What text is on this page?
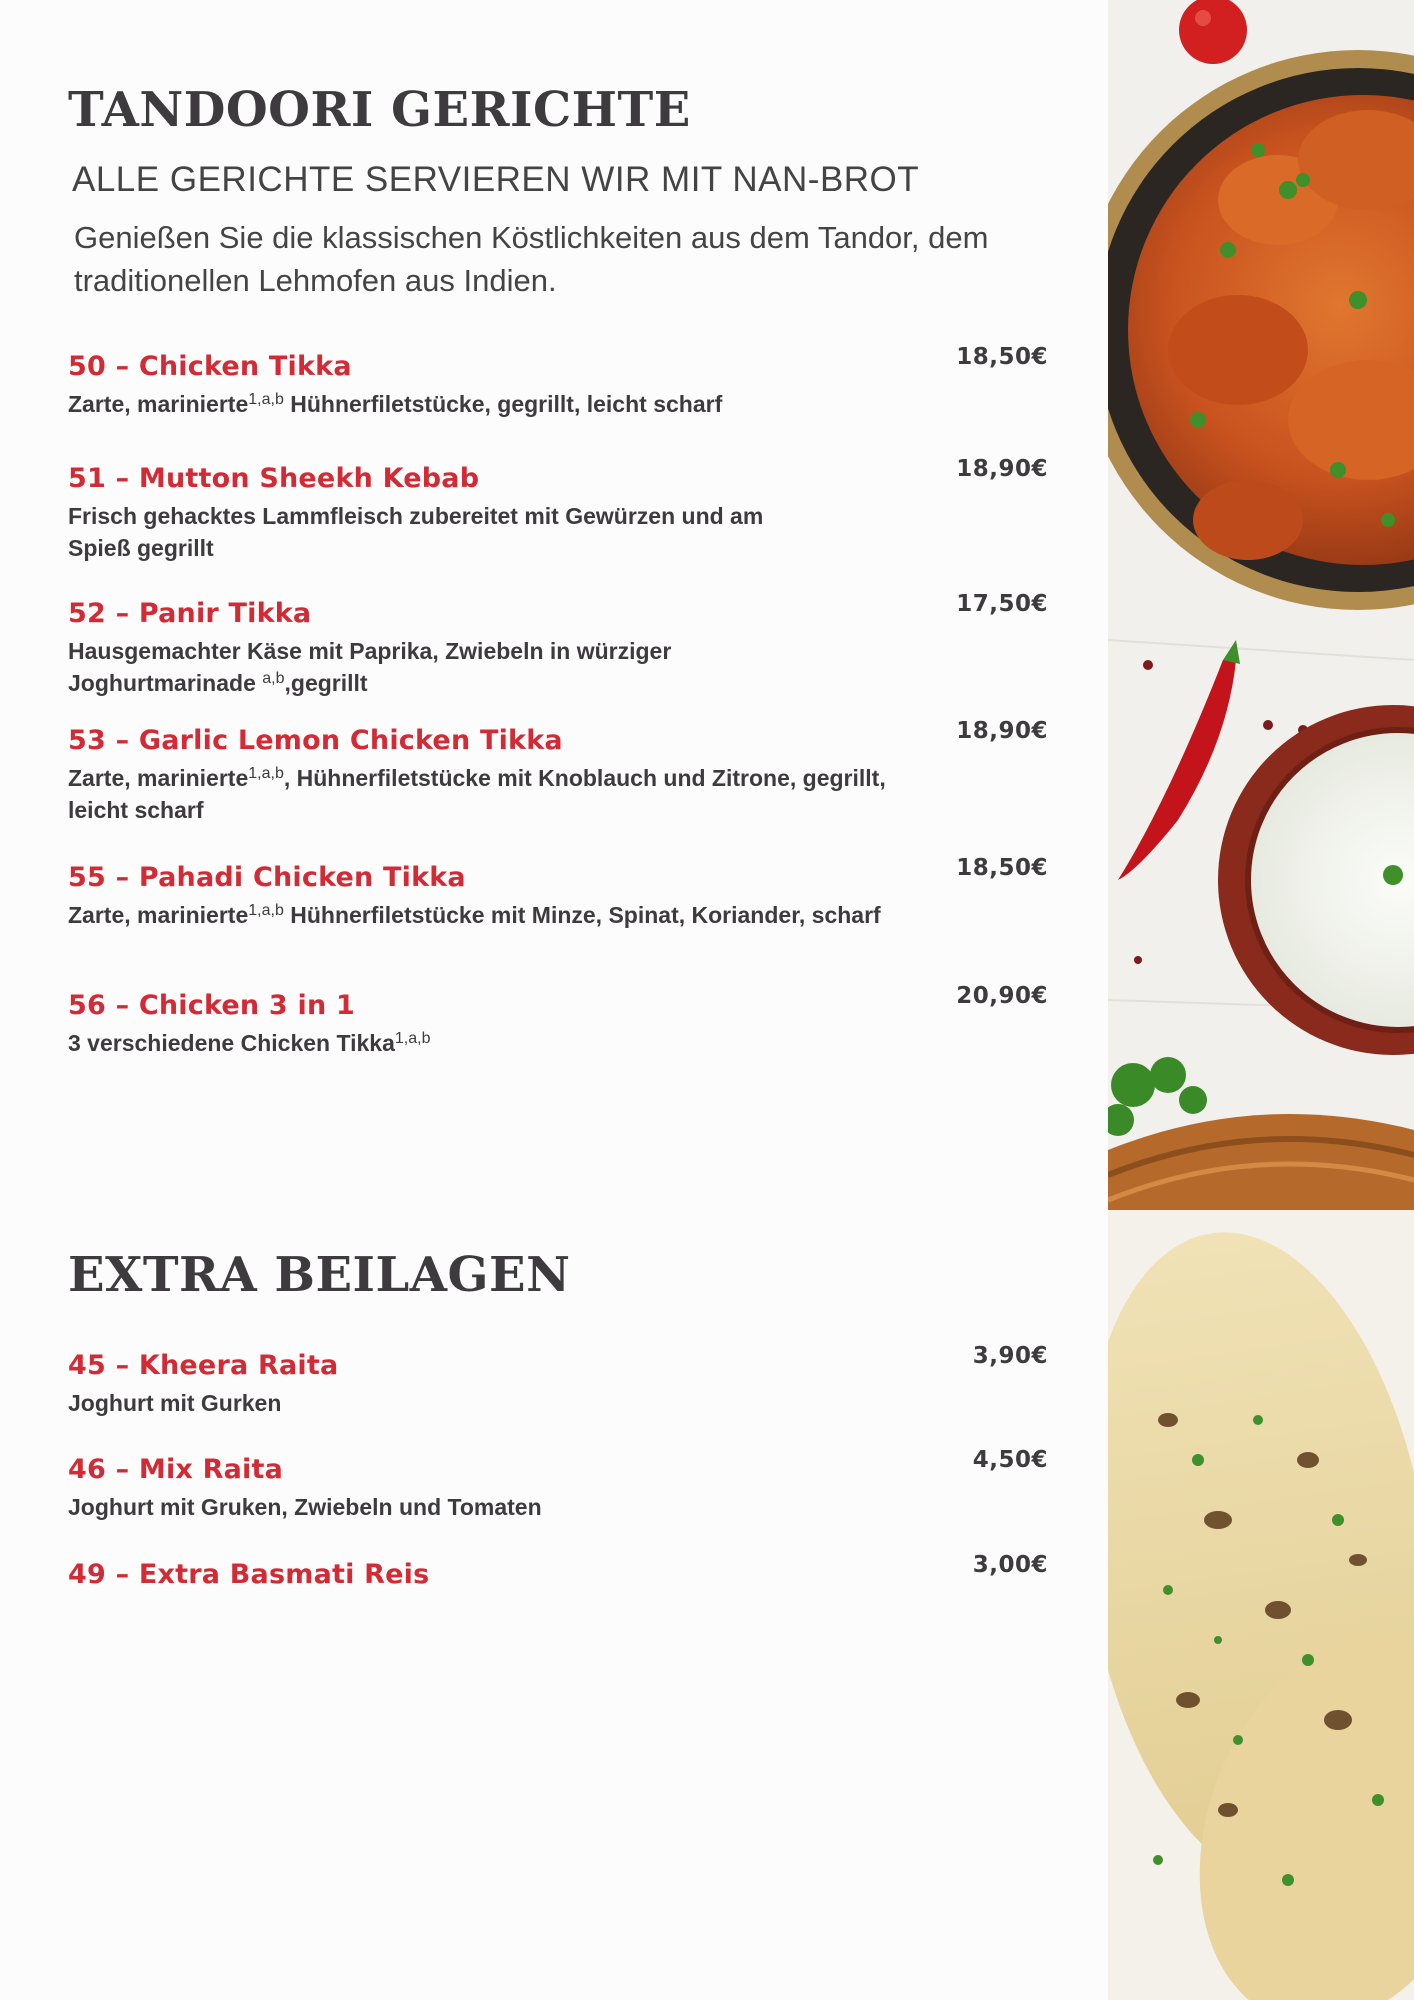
TANDOORI GERICHTE

ALLE GERICHTE SERVIEREN WIR MIT NAN-BROT

Genießen Sie die klassischen Köstlichkeiten aus dem Tandor, dem traditionellen Lehmofen aus Indien.

50 – Chicken Tikka	18,50€
Zarte, marinierte$^{1,a,b}$ Hühnerfiletstücke, gegrillt, leicht scharf
51 – Mutton Sheekh Kebab	18,90€
Frisch gehacktes Lammfleisch zubereitet mit Gewürzen und am Spieß gegrillt
52 – Panir Tikka	17,50€
Hausgemachter Käse mit Paprika, Zwiebeln in würziger Joghurtmarinade $^{a,b}$,gegrillt
53 – Garlic Lemon Chicken Tikka	18,90€
Zarte, marinierte$^{1,a,b}$, Hühnerfiletstücke mit Knoblauch und Zitrone, gegrillt, leicht scharf
55 – Pahadi Chicken Tikka	18,50€
Zarte, marinierte$^{1,a,b}$ Hühnerfiletstücke mit Minze, Spinat, Koriander, scharf
56 – Chicken 3 in 1	20,90€
3 verschiedene Chicken Tikka$^{1,a,b}$
EXTRA BEILAGEN
45 – Kheera Raita	3,90€
Joghurt mit Gurken
46 – Mix Raita	4,50€
Joghurt mit Gruken, Zwiebeln und Tomaten
49 – Extra Basmati Reis	3,00€
